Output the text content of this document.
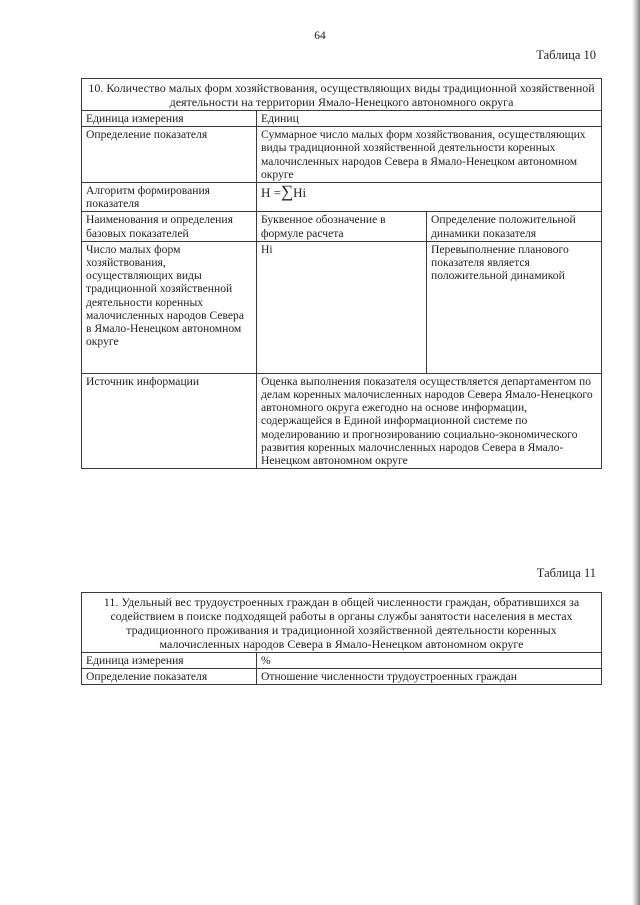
64
Таблица 10
10. Количество малых форм хозяйствования, осуществляющих виды традиционной хозяйственной деятельности на территории Ямало-Ненецкого автономного округа		
Единица измерения	Единиц	
Определение показателя	Суммарное число малых форм хозяйствования, осуществляющих виды традиционной хозяйственной деятельности коренных малочисленных народов Севера в Ямало-Ненецком автономном округе	
Алгоритм формирования показателя	Н =∑Нi	
Наименования и определения базовых показателей	Буквенное обозначение в формуле расчета	Определение положительной динамики показателя
Число малых форм хозяйствования, осуществляющих виды традиционной хозяйственной деятельности коренных малочисленных народов Севера в Ямало-Ненецком автономном округе	Нi	Перевыполнение планового показателя является положительной динамикой
Источник информации	Оценка выполнения показателя осуществляется департаментом по делам коренных малочисленных народов Севера Ямало-Ненецкого автономного округа ежегодно на основе информации, содержащейся в Единой информационной системе по моделированию и прогнозированию социально-экономического развития коренных малочисленных народов Севера в Ямало-Ненецком автономном округе	
Таблица 11
11. Удельный вес трудоустроенных граждан в общей численности граждан, обратившихся за содействием в поиске подходящей работы в органы службы занятости населения в местах традиционного проживания и традиционной хозяйственной деятельности коренных малочисленных народов Севера в Ямало-Ненецком автономном округе	
Единица измерения	%
Определение показателя	Отношение численности трудоустроенных граждан
